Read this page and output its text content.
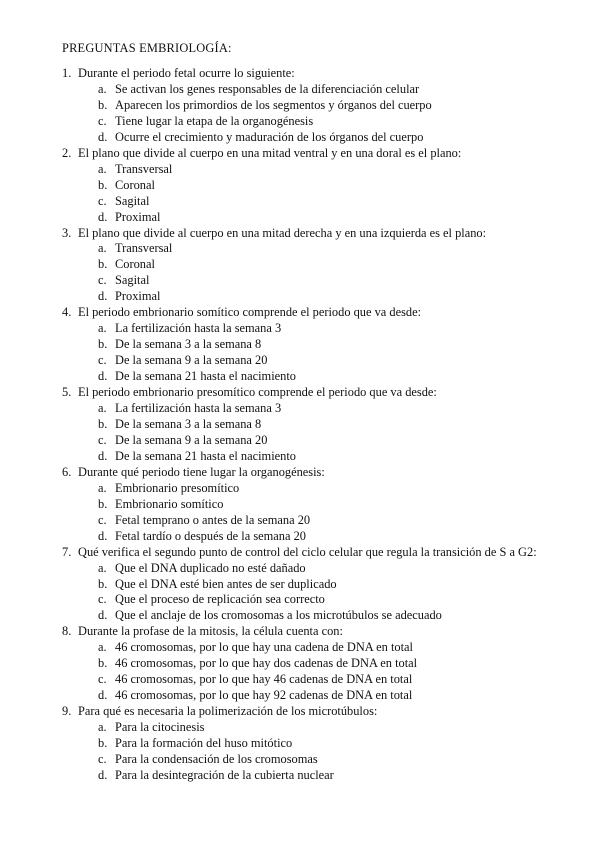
PREGUNTAS EMBRIOLOGÍA:
1. Durante el periodo fetal ocurre lo siguiente:
a. Se activan los genes responsables de la diferenciación celular
b. Aparecen los primordios de los segmentos y órganos del cuerpo
c. Tiene lugar la etapa de la organogénesis
d. Ocurre el crecimiento y maduración de los órganos del cuerpo
2. El plano que divide al cuerpo en una mitad ventral y en una doral es el plano:
a. Transversal
b. Coronal
c. Sagital
d. Proximal
3. El plano que divide al cuerpo en una mitad derecha y en una izquierda es el plano:
a. Transversal
b. Coronal
c. Sagital
d. Proximal
4. El periodo embrionario somítico comprende el periodo que va desde:
a. La fertilización hasta la semana 3
b. De la semana 3 a la semana 8
c. De la semana 9 a la semana 20
d. De la semana 21 hasta el nacimiento
5. El periodo embrionario presomítico comprende el periodo que va desde:
a. La fertilización hasta la semana 3
b. De la semana 3 a la semana 8
c. De la semana 9 a la semana 20
d. De la semana 21 hasta el nacimiento
6. Durante qué periodo tiene lugar la organogénesis:
a. Embrionario presomítico
b. Embrionario somítico
c. Fetal temprano o antes de la semana 20
d. Fetal tardío o después de la semana 20
7. Qué verifica el segundo punto de control del ciclo celular que regula la transición de S a G2:
a. Que el DNA duplicado no esté dañado
b. Que el DNA esté bien antes de ser duplicado
c. Que el proceso de replicación sea correcto
d. Que el anclaje de los cromosomas a los microtúbulos se adecuado
8. Durante la profase de la mitosis, la célula cuenta con:
a. 46 cromosomas, por lo que hay una cadena de DNA en total
b. 46 cromosomas, por lo que hay dos cadenas de DNA en total
c. 46 cromosomas, por lo que hay 46 cadenas de DNA en total
d. 46 cromosomas, por lo que hay 92 cadenas de DNA en total
9. Para qué es necesaria la polimerización de los microtúbulos:
a. Para la citocinesis
b. Para la formación del huso mitótico
c. Para la condensación de los cromosomas
d. Para la desintegración de la cubierta nuclear
